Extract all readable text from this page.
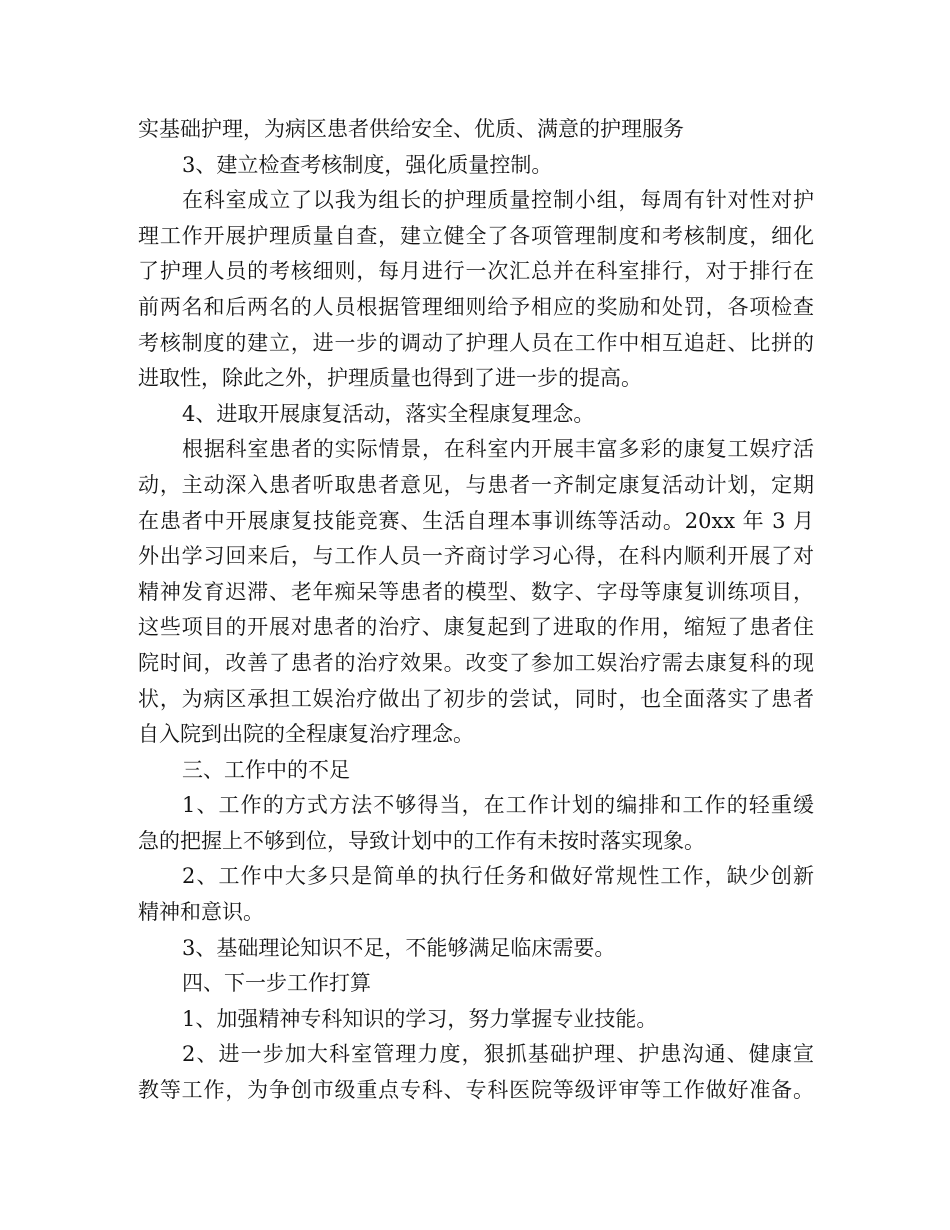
实基础护理，为病区患者供给安全、优质、满意的护理服务
3、建立检查考核制度，强化质量控制。
在科室成立了以我为组长的护理质量控制小组，每周有针对性对护
理工作开展护理质量自查，建立健全了各项管理制度和考核制度，细化
了护理人员的考核细则，每月进行一次汇总并在科室排行，对于排行在
前两名和后两名的人员根据管理细则给予相应的奖励和处罚，各项检查
考核制度的建立，进一步的调动了护理人员在工作中相互追赶、比拼的
进取性，除此之外，护理质量也得到了进一步的提高。
4、进取开展康复活动，落实全程康复理念。
根据科室患者的实际情景，在科室内开展丰富多彩的康复工娱疗活
动，主动深入患者听取患者意见，与患者一齐制定康复活动计划，定期
在患者中开展康复技能竞赛、生活自理本事训练等活动。20xx 年 3 月
外出学习回来后，与工作人员一齐商讨学习心得，在科内顺利开展了对
精神发育迟滞、老年痴呆等患者的模型、数字、字母等康复训练项目，
这些项目的开展对患者的治疗、康复起到了进取的作用，缩短了患者住
院时间，改善了患者的治疗效果。改变了参加工娱治疗需去康复科的现
状，为病区承担工娱治疗做出了初步的尝试，同时，也全面落实了患者
自入院到出院的全程康复治疗理念。
三、工作中的不足
1、工作的方式方法不够得当，在工作计划的编排和工作的轻重缓
急的把握上不够到位，导致计划中的工作有未按时落实现象。
2、工作中大多只是简单的执行任务和做好常规性工作，缺少创新
精神和意识。
3、基础理论知识不足，不能够满足临床需要。
四、下一步工作打算
1、加强精神专科知识的学习，努力掌握专业技能。
2、进一步加大科室管理力度，狠抓基础护理、护患沟通、健康宣
教等工作，为争创市级重点专科、专科医院等级评审等工作做好准备。
